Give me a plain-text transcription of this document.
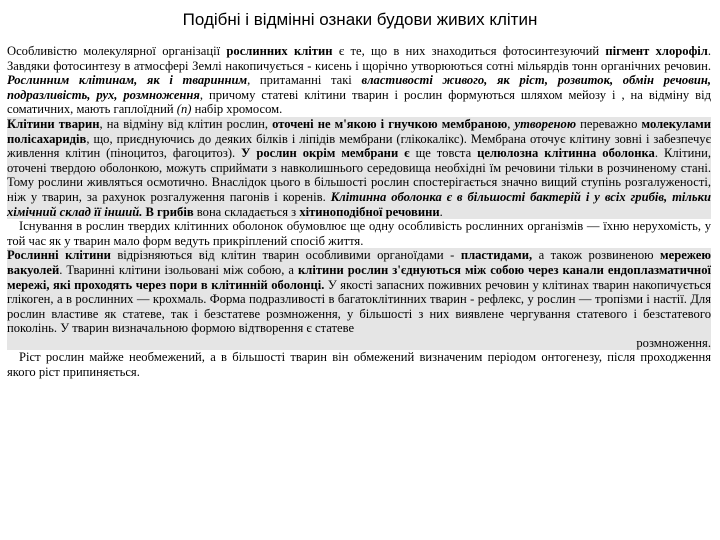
Подібні і відмінні ознаки будови живих клітин

Особливістю молекулярної організації рослинних клітин є те, що в них знаходиться фотосинтезуючий пігмент хлорофіл. Завдяки фотосинтезу в атмосфері Землі накопичується - кисень і щорічно утворюються сотні мільярдів тонн органічних речовин. Рослинним клітинам, як і тваринним, притаманні такі властивості живого, як ріст, розвиток, обмін речовин, подразливість, рух, розмноження, причому статеві клітини тварин і рослин формуються шляхом мейозу і , на відміну від соматичних, мають гаплоїдний (n) набір хромосом.

Клітини тварин, на відміну від клітин рослин, оточені не м'якою і гнучкою мембраною, утвореною переважно молекулами полісахаридів, що, приєднуючись до деяких білків і ліпідів мембрани (глікокалікс). Мембрана оточує клітину зовні і забезпечує живлення клітин (піноцитоз, фагоцитоз). У рослин окрім мембрани є ще товста целюлозна клітинна оболонка. Клітини, оточені твердою оболонкою, можуть сприймати з навколишнього середовища необхідні їм речовини тільки в розчиненому стані. Тому рослини живляться осмотично. Внаслідок цього в більшості рослин спостерігається значно вищий ступінь розгалуженості, ніж у тварин, за рахунок розгалуження пагонів і коренів. Клітинна оболонка є в більшості бактерій і у всіх грибів, тільки хімічний склад її інший. В грибів вона складається з хітиноподібної речовини.

Існування в рослин твердих клітинних оболонок обумовлює ще одну особливість рослинних організмів — їхню нерухомість, у той час як у тварин мало форм ведуть прикріплений спосіб життя.

Рослинні клітини відрізняються від клітин тварин особливими органоїдами - пластидами, а також розвиненою мережею вакуолей. Тваринні клітини ізольовані між собою, а клітини рослин з'єднуються між собою через канали ендоплазматичної мережі, які проходять через пори в клітинній оболонці. У якості запасних поживних речовин у клітинах тварин накопичується глікоген, а в рослинних — крохмаль. Форма подразливості в багатоклітинних тварин - рефлекс, у рослин — тропізми і настії. Для рослин властиве як статеве, так і безстатеве розмноження, у більшості з них виявлене чергування статевого і безстатевого поколінь. У тварин визначальною формою відтворення є статеве

розмноження.

Ріст рослин майже необмежений, а в більшості тварин він обмежений визначеним періодом онтогенезу, після проходження якого ріст припиняється.
